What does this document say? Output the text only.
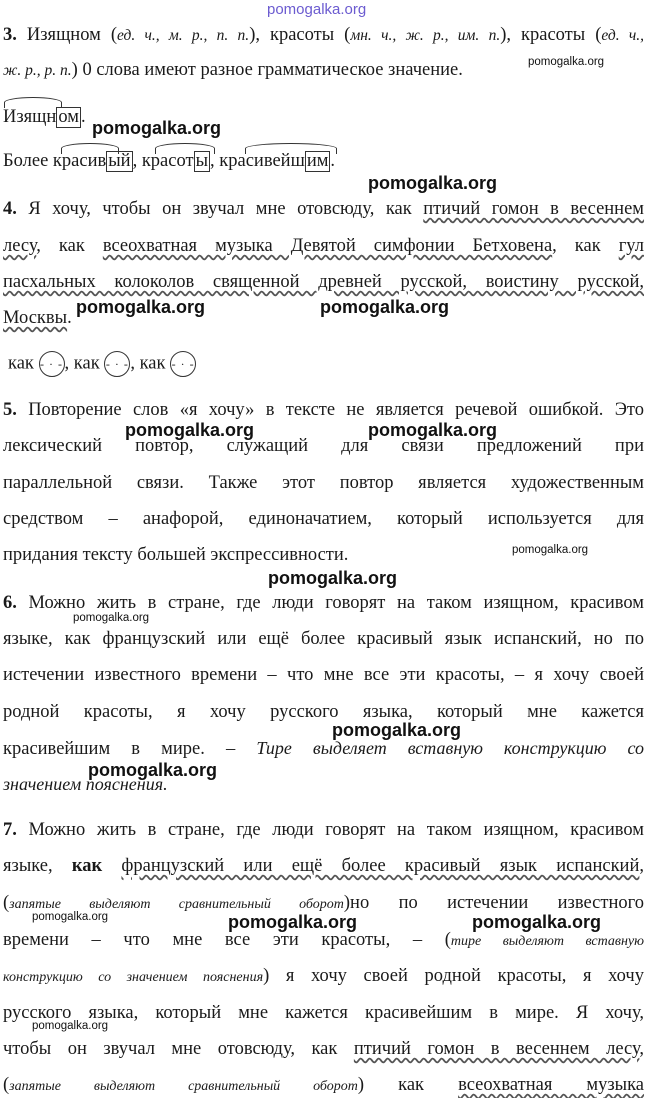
pomogalka.org

3. Изящном (ед. ч., м. р., п. п.), красоты (мн. ч., ж. р., им. п.), красоты (ед. ч.,

ж. р., р. п.) 0 слова имеют разное грамматическое значение.	pomogalka.org

Изящн ом .

pomogalka.org

Более красив ый , красот ы , красивейш им .

pomogalka.org

4. Я хочу, чтобы он звучал мне отовсюду, как птичий гомон в весеннем

лесу, как всеохватная музыка Девятой симфонии Бетховена, как гул

пасхальных колоколов священной древней русской, воистину русской,

Москвы.

pomogalka.org	pomogalka.org

как - · -, как - · -, как - · -

5. Повторение слов «я хочу» в тексте не является речевой ошибкой. Это

лексический повтор, служащий для связи предложений при

pomogalka.org	pomogalka.org

параллельной связи. Также этот повтор является художественным

средством – анафорой, единоначатием, который используется для

придания тексту большей экспрессивности.	pomogalka.org
pomogalka.org

6. Можно жить в стране, где люди говорят на таком изящном, красивом

pomogalka.org

языке, как французский или ещё более красивый язык испанский, но по

истечении известного времени – что мне все эти красоты, – я хочу своей

родной красоты, я хочу русского языка, который мне кажется

pomogalka.org

красивейшим в мире. – Тире выделяет вставную конструкцию со

pomogalka.org

значением пояснения.

7. Можно жить в стране, где люди говорят на таком изящном, красивом

языке, как французский или ещё более красивый язык испанский,

(запятые выделяют сравнительный оборот)но по истечении известного

pomogalka.org	pomogalka.org	pomogalka.org

времени – что мне все эти красоты, – (тире выделяют вставную

конструкцию со значением пояснения) я хочу своей родной красоты, я хочу

русского языка, который мне кажется красивейшим в мире. Я хочу,

pomogalka.org

чтобы он звучал мне отовсюду, как птичий гомон в весеннем лесу,

(запятые выделяют сравнительный оборот) как всеохватная музыка
